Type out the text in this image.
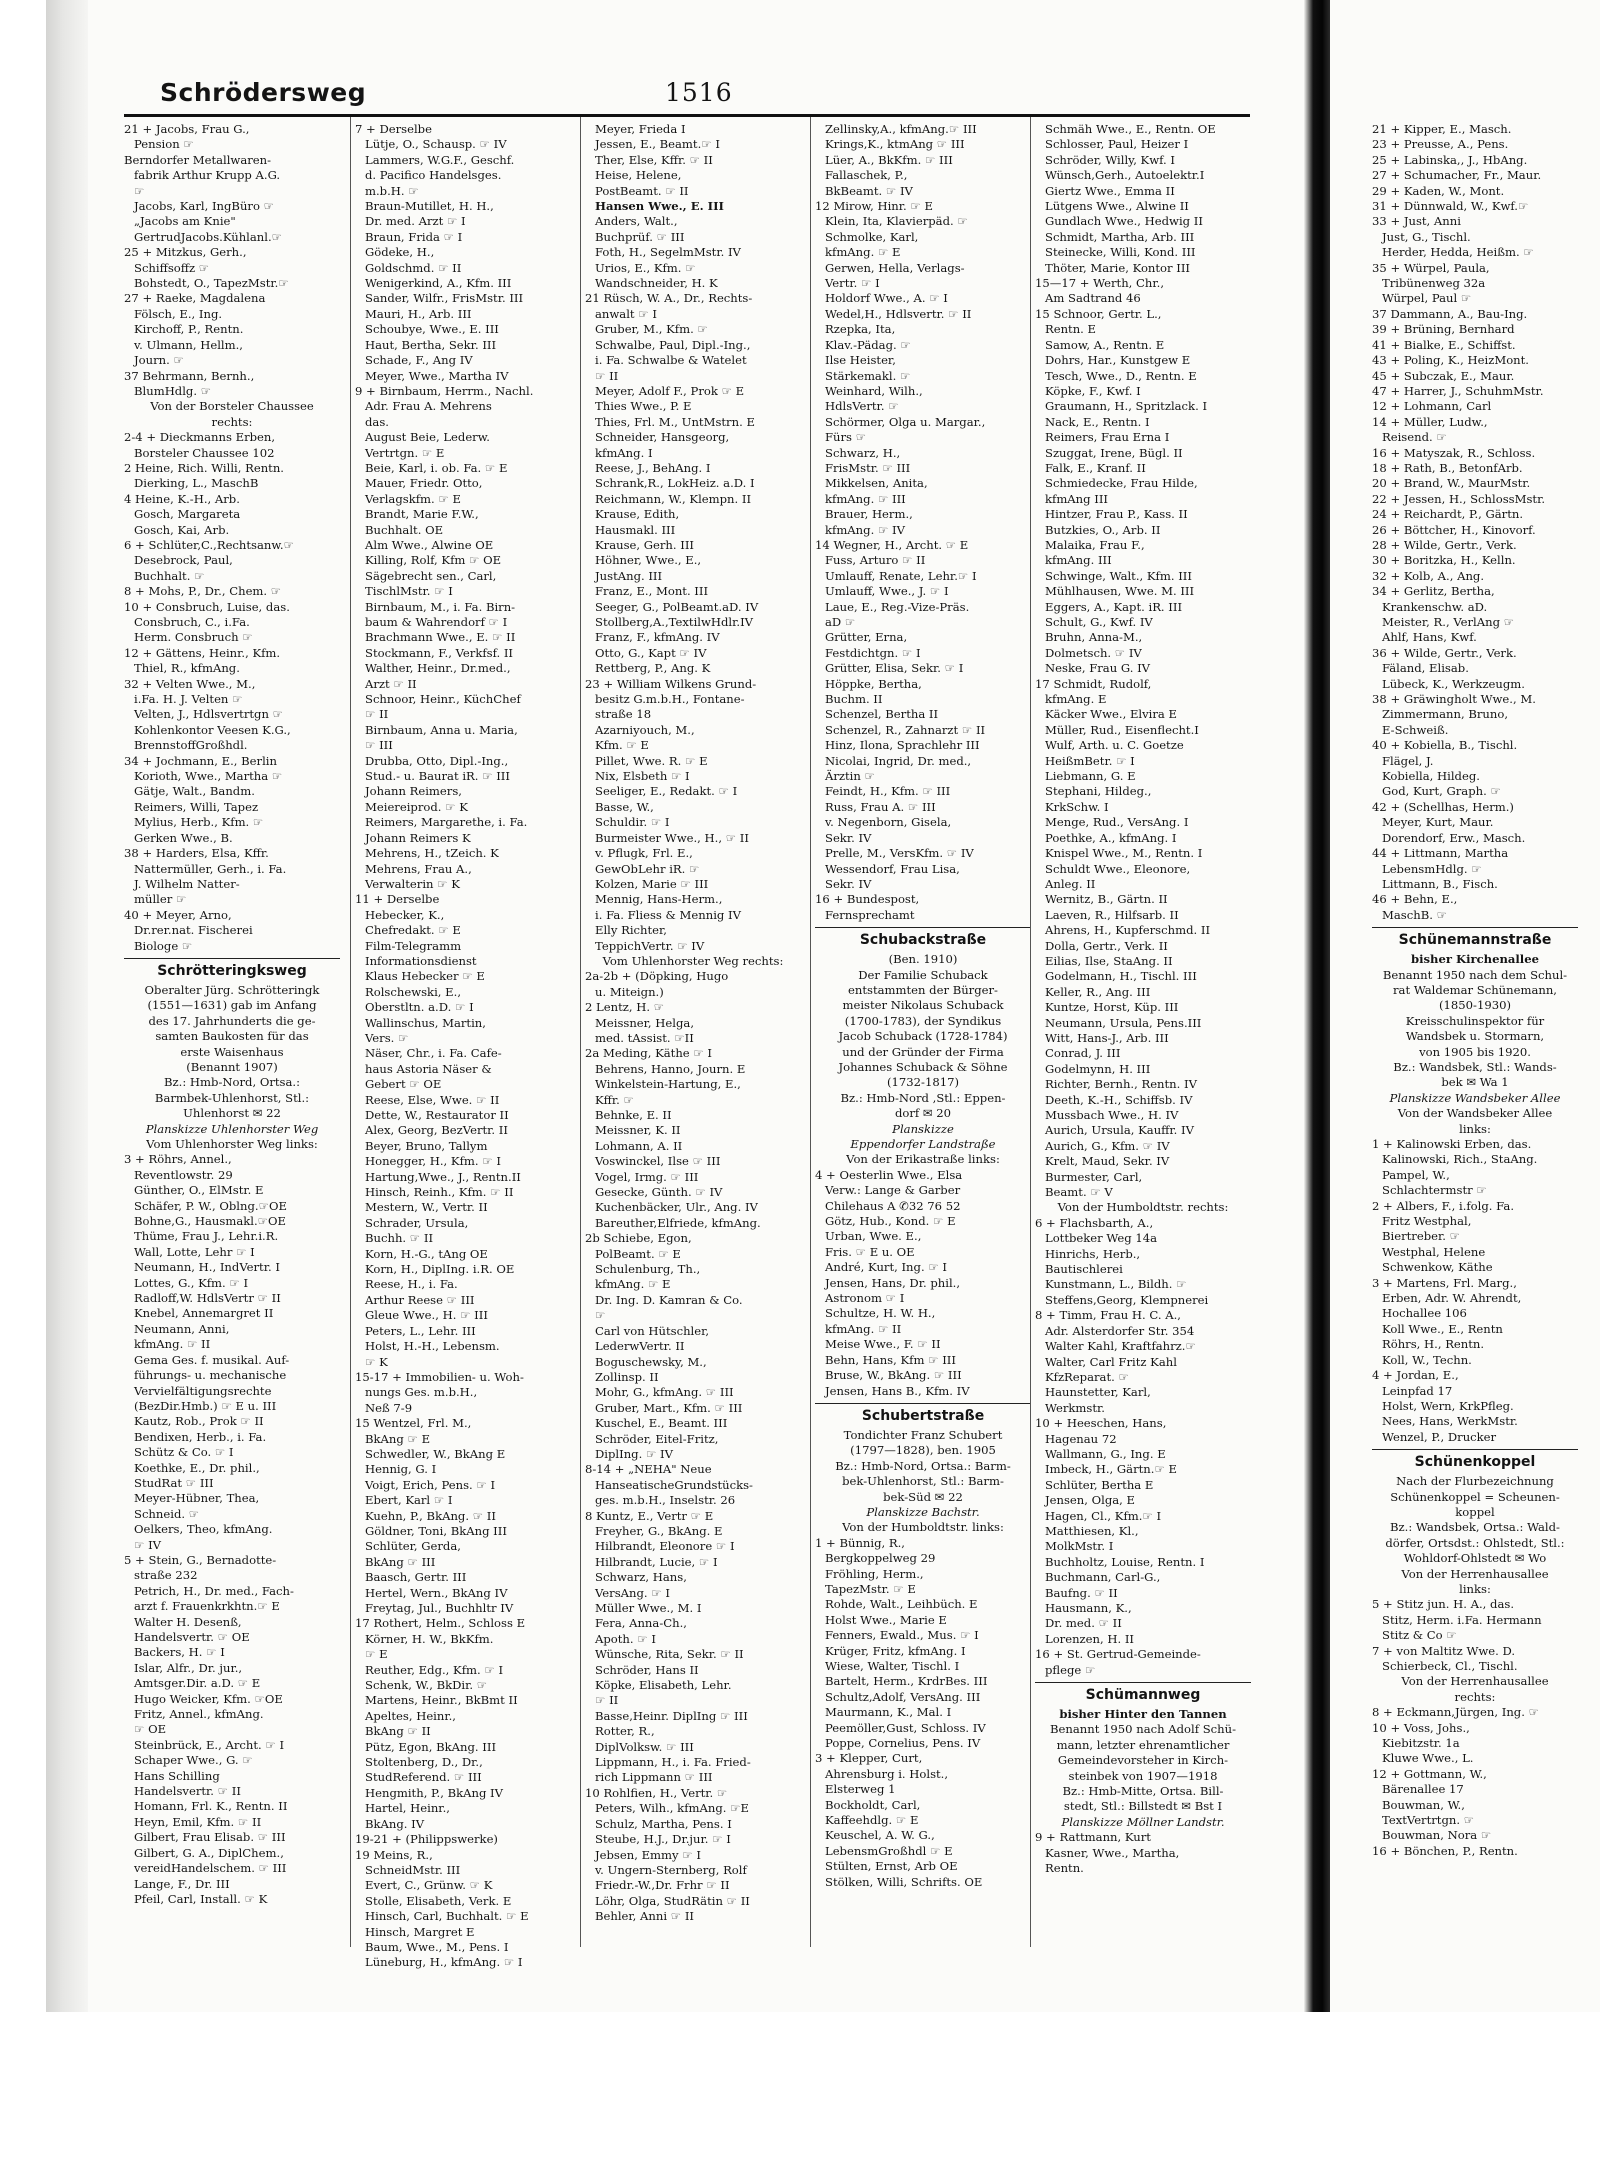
Schrödersweg	1516
21 + Jacobs, Frau G.,
Pension ☞
Berndorfer Metallwaren-
fabrik Arthur Krupp A.G.
☞
Jacobs, Karl, IngBüro ☞
„Jacobs am Knie"
GertrudJacobs.Kühlanl.☞
25 + Mitzkus, Gerh.,
Schiffsoffz ☞
Bohstedt, O., TapezMstr.☞
27 + Raeke, Magdalena
Fölsch, E., Ing.
Kirchoff, P., Rentn.
v. Ulmann, Hellm.,
Journ. ☞
37 Behrmann, Bernh.,
BlumHdlg. ☞
Von der Borsteler Chaussee
rechts:
2-4 + Dieckmanns Erben,
Borsteler Chaussee 102
2 Heine, Rich. Willi, Rentn.
Dierking, L., MaschB
4 Heine, K.-H., Arb.
Gosch, Margareta
Gosch, Kai, Arb.
6 + Schlüter,C.,Rechtsanw.☞
Desebrock, Paul,
Buchhalt. ☞
8 + Mohs, P., Dr., Chem. ☞
10 + Consbruch, Luise, das.
Consbruch, C., i.Fa.
Herm. Consbruch ☞
12 + Gättens, Heinr., Kfm.
Thiel, R., kfmAng.
32 + Velten Wwe., M.,
i.Fa. H. J. Velten ☞
Velten, J., Hdlsvertrtgn ☞
Kohlenkontor Veesen K.G.,
BrennstoffGroßhdl.
34 + Jochmann, E., Berlin
Korioth, Wwe., Martha ☞
Gätje, Walt., Bandm.
Reimers, Willi, Tapez
Mylius, Herb., Kfm. ☞
Gerken Wwe., B.
38 + Harders, Elsa, Kffr.
Nattermüller, Gerh., i. Fa.
J. Wilhelm Natter-
müller ☞
40 + Meyer, Arno,
Dr.rer.nat. Fischerei
Biologe ☞
Schrötteringksweg
Oberalter Jürg. Schrötteringk
(1551—1631) gab im Anfang
des 17. Jahrhunderts die ge-
samten Baukosten für das
erste Waisenhaus
(Benannt 1907)
Bz.: Hmb-Nord, Ortsa.:
Barmbek-Uhlenhorst, Stl.:
Uhlenhorst ✉ 22
Planskizze Uhlenhorster Weg
Vom Uhlenhorster Weg links:
3 + Röhrs, Annel.,
Reventlowstr. 29
Günther, O., ElMstr. E
Schäfer, P. W., Oblng.☞OE
Bohne,G., Hausmakl.☞OE
Thüme, Frau J., Lehr.i.R.
Wall, Lotte, Lehr ☞ I
Neumann, H., IndVertr. I
Lottes, G., Kfm. ☞ I
Radloff,W. HdlsVertr ☞ II
Knebel, Annemargret II
Neumann, Anni,
kfmAng. ☞ II
Gema Ges. f. musikal. Auf-
führungs- u. mechanische
Vervielfältigungsrechte
(BezDir.Hmb.) ☞ E u. III
Kautz, Rob., Prok ☞ II
Bendixen, Herb., i. Fa.
Schütz & Co. ☞ I
Koethke, E., Dr. phil.,
StudRat ☞ III
Meyer-Hübner, Thea,
Schneid. ☞
Oelkers, Theo, kfmAng.
☞ IV
5 + Stein, G., Bernadotte-
straße 232
Petrich, H., Dr. med., Fach-
arzt f. Frauenkrkhtn.☞ E
Walter H. Desenß,
Handelsvertr. ☞ OE
Backers, H. ☞ I
Islar, Alfr., Dr. jur.,
Amtsger.Dir. a.D. ☞ E
Hugo Weicker, Kfm. ☞OE
Fritz, Annel., kfmAng.
☞ OE
Steinbrück, E., Archt. ☞ I
Schaper Wwe., G. ☞
Hans Schilling
Handelsvertr. ☞ II
Homann, Frl. K., Rentn. II
Heyn, Emil, Kfm. ☞ II
Gilbert, Frau Elisab. ☞ III
Gilbert, G. A., DiplChem.,
vereidHandelschem. ☞ III
Lange, F., Dr. III
Pfeil, Carl, Install. ☞ K
7 + Derselbe
Lütje, O., Schausp. ☞ IV
Lammers, W.G.F., Geschf.
d. Pacifico Handelsges.
m.b.H. ☞
Braun-Mutillet, H. H.,
Dr. med. Arzt ☞ I
Braun, Frida ☞ I
Gödeke, H.,
Goldschmd. ☞ II
Wenigerkind, A., Kfm. III
Sander, Wilfr., FrisMstr. III
Mauri, H., Arb. III
Schoubye, Wwe., E. III
Haut, Bertha, Sekr. III
Schade, F., Ang IV
Meyer, Wwe., Martha IV
9 + Birnbaum, Herrm., Nachl.
Adr. Frau A. Mehrens
das.
August Beie, Lederw.
Vertrtgn. ☞ E
Beie, Karl, i. ob. Fa. ☞ E
Mauer, Friedr. Otto,
Verlagskfm. ☞ E
Brandt, Marie F.W.,
Buchhalt. OE
Alm Wwe., Alwine OE
Killing, Rolf, Kfm ☞ OE
Sägebrecht sen., Carl,
TischlMstr. ☞ I
Birnbaum, M., i. Fa. Birn-
baum & Wahrendorf ☞ I
Brachmann Wwe., E. ☞ II
Stockmann, F., Verkfsf. II
Walther, Heinr., Dr.med.,
Arzt ☞ II
Schnoor, Heinr., KüchChef
☞ II
Birnbaum, Anna u. Maria,
☞ III
Drubba, Otto, Dipl.-Ing.,
Stud.- u. Baurat iR. ☞ III
Johann Reimers,
Meiereiprod. ☞ K
Reimers, Margarethe, i. Fa.
Johann Reimers K
Mehrens, H., tZeich. K
Mehrens, Frau A.,
Verwalterin ☞ K
11 + Derselbe
Hebecker, K.,
Chefredakt. ☞ E
Film-Telegramm
Informationsdienst
Klaus Hebecker ☞ E
Rolschewski, E.,
Oberstltn. a.D. ☞ I
Wallinschus, Martin,
Vers. ☞
Näser, Chr., i. Fa. Cafe-
haus Astoria Näser &
Gebert ☞ OE
Reese, Else, Wwe. ☞ II
Dette, W., Restaurator II
Alex, Georg, BezVertr. II
Beyer, Bruno, Tallym
Honegger, H., Kfm. ☞ I
Hartung,Wwe., J., Rentn.II
Hinsch, Reinh., Kfm. ☞ II
Mestern, W., Vertr. II
Schrader, Ursula,
Buchh. ☞ II
Korn, H.-G., tAng OE
Korn, H., DiplIng. i.R. OE
Reese, H., i. Fa.
Arthur Reese ☞ III
Gleue Wwe., H. ☞ III
Peters, L., Lehr. III
Holst, H.-H., Lebensm.
☞ K
15-17 + Immobilien- u. Woh-
nungs Ges. m.b.H.,
Neß 7-9
15 Wentzel, Frl. M.,
BkAng ☞ E
Schwedler, W., BkAng E
Hennig, G. I
Voigt, Erich, Pens. ☞ I
Ebert, Karl ☞ I
Kuehn, P., BkAng. ☞ II
Göldner, Toni, BkAng III
Schlüter, Gerda,
BkAng ☞ III
Baasch, Gertr. III
Hertel, Wern., BkAng IV
Freytag, Jul., Buchhltr IV
17 Rothert, Helm., Schloss E
Körner, H. W., BkKfm.
☞ E
Reuther, Edg., Kfm. ☞ I
Schenk, W., BkDir. ☞
Martens, Heinr., BkBmt II
Apeltes, Heinr.,
BkAng ☞ II
Pütz, Egon, BkAng. III
Stoltenberg, D., Dr.,
StudReferend. ☞ III
Hengmith, P., BkAng IV
Hartel, Heinr.,
BkAng. IV
19-21 + (Philippswerke)
19 Meins, R.,
SchneidMstr. III
Evert, C., Grünw. ☞ K
Stolle, Elisabeth, Verk. E
Hinsch, Carl, Buchhalt. ☞ E
Hinsch, Margret E
Baum, Wwe., M., Pens. I
Lüneburg, H., kfmAng. ☞ I
Meyer, Frieda I
Jessen, E., Beamt.☞ I
Ther, Else, Kffr. ☞ II
Heise, Helene,
PostBeamt. ☞ II
Hansen Wwe., E. III
Anders, Walt.,
Buchprüf. ☞ III
Foth, H., SegelmMstr. IV
Urios, E., Kfm. ☞
Wandschneider, H. K
21 Rüsch, W. A., Dr., Rechts-
anwalt ☞ I
Gruber, M., Kfm. ☞
Schwalbe, Paul, Dipl.-Ing.,
i. Fa. Schwalbe & Watelet
☞ II
Meyer, Adolf F., Prok ☞ E
Thies Wwe., P. E
Thies, Frl. M., UntMstrn. E
Schneider, Hansgeorg,
kfmAng. I
Reese, J., BehAng. I
Schrank,R., LokHeiz. a.D. I
Reichmann, W., Klempn. II
Krause, Edith,
Hausmakl. III
Krause, Gerh. III
Höhner, Wwe., E.,
JustAng. III
Franz, E., Mont. III
Seeger, G., PolBeamt.aD. IV
Stollberg,A.,TextilwHdlr.IV
Franz, F., kfmAng. IV
Otto, G., Kapt ☞ IV
Rettberg, P., Ang. K
23 + William Wilkens Grund-
besitz G.m.b.H., Fontane-
straße 18
Azarniyouch, M.,
Kfm. ☞ E
Pillet, Wwe. R. ☞ E
Nix, Elsbeth ☞ I
Seeliger, E., Redakt. ☞ I
Basse, W.,
Schuldir. ☞ I
Burmeister Wwe., H., ☞ II
v. Pflugk, Frl. E.,
GewObLehr iR. ☞
Kolzen, Marie ☞ III
Mennig, Hans-Herm.,
i. Fa. Fliess & Mennig IV
Elly Richter,
TeppichVertr. ☞ IV
Vom Uhlenhorster Weg rechts:
2a-2b + (Döpking, Hugo
u. Miteign.)
2 Lentz, H. ☞
Meissner, Helga,
med. tAssist. ☞II
2a Meding, Käthe ☞ I
Behrens, Hanno, Journ. E
Winkelstein-Hartung, E.,
Kffr. ☞
Behnke, E. II
Meissner, K. II
Lohmann, A. II
Voswinckel, Ilse ☞ III
Vogel, Irmg. ☞ III
Gesecke, Günth. ☞ IV
Kuchenbäcker, Ulr., Ang. IV
Bareuther,Elfriede, kfmAng.
2b Schiebe, Egon,
PolBeamt. ☞ E
Schulenburg, Th.,
kfmAng. ☞ E
Dr. Ing. D. Kamran & Co.
☞
Carl von Hütschler,
LederwVertr. II
Boguschewsky, M.,
Zollinsp. II
Mohr, G., kfmAng. ☞ III
Gruber, Mart., Kfm. ☞ III
Kuschel, E., Beamt. III
Schröder, Eitel-Fritz,
DiplIng. ☞ IV
8-14 + „NEHA" Neue
HanseatischeGrundstücks-
ges. m.b.H., Inselstr. 26
8 Kuntz, E., Vertr ☞ E
Freyher, G., BkAng. E
Hilbrandt, Eleonore ☞ I
Hilbrandt, Lucie, ☞ I
Schwarz, Hans,
VersAng. ☞ I
Müller Wwe., M. I
Fera, Anna-Ch.,
Apoth. ☞ I
Wünsche, Rita, Sekr. ☞ II
Schröder, Hans II
Köpke, Elisabeth, Lehr.
☞ II
Basse,Heinr. DiplIng ☞ III
Rotter, R.,
DiplVolksw. ☞ III
Lippmann, H., i. Fa. Fried-
rich Lippmann ☞ III
10 Rohlfien, H., Vertr. ☞
Peters, Wilh., kfmAng. ☞E
Schulz, Martha, Pens. I
Steube, H.J., Dr.jur. ☞ I
Jebsen, Emmy ☞ I
v. Ungern-Sternberg, Rolf
Friedr.-W.,Dr. Frhr ☞ II
Löhr, Olga, StudRätin ☞ II
Behler, Anni ☞ II
Zellinsky,A., kfmAng.☞ III
Krings,K., ktmAng ☞ III
Lüer, A., BkKfm. ☞ III
Fallaschek, P.,
BkBeamt. ☞ IV
12 Mirow, Hinr. ☞ E
Klein, Ita, Klavierpäd. ☞
Schmolke, Karl,
kfmAng. ☞ E
Gerwen, Hella, Verlags-
Vertr. ☞ I
Holdorf Wwe., A. ☞ I
Wedel,H., Hdlsvertr. ☞ II
Rzepka, Ita,
Klav.-Pädag. ☞
Ilse Heister,
Stärkemakl. ☞
Weinhard, Wilh.,
HdlsVertr. ☞
Schörmer, Olga u. Margar.,
Fürs ☞
Schwarz, H.,
FrisMstr. ☞ III
Mikkelsen, Anita,
kfmAng. ☞ III
Brauer, Herm.,
kfmAng. ☞ IV
14 Wegner, H., Archt. ☞ E
Fuss, Arturo ☞ II
Umlauff, Renate, Lehr.☞ I
Umlauff, Wwe., J. ☞ I
Laue, E., Reg.-Vize-Präs.
aD ☞
Grütter, Erna,
Festdichtgn. ☞ I
Grütter, Elisa, Sekr. ☞ I
Höppke, Bertha,
Buchm. II
Schenzel, Bertha II
Schenzel, R., Zahnarzt ☞ II
Hinz, Ilona, Sprachlehr III
Nicolai, Ingrid, Dr. med.,
Ärztin ☞
Feindt, H., Kfm. ☞ III
Russ, Frau A. ☞ III
v. Negenborn, Gisela,
Sekr. IV
Prelle, M., VersKfm. ☞ IV
Wessendorf, Frau Lisa,
Sekr. IV
16 + Bundespost,
Fernsprechamt
Schubackstraße
(Ben. 1910)
Der Familie Schuback
entstammten der Bürger-
meister Nikolaus Schuback
(1700-1783), der Syndikus
Jacob Schuback (1728-1784)
und der Gründer der Firma
Johannes Schuback & Söhne
(1732-1817)
Bz.: Hmb-Nord ,Stl.: Eppen-
dorf ✉ 20
Planskizze
Eppendorfer Landstraße
Von der Erikastraße links:
4 + Oesterlin Wwe., Elsa
Verw.: Lange & Garber
Chilehaus A ✆32 76 52
Götz, Hub., Kond. ☞ E
Urban, Wwe. E.,
Fris. ☞ E u. OE
André, Kurt, Ing. ☞ I
Jensen, Hans, Dr. phil.,
Astronom ☞ I
Schultze, H. W. H.,
kfmAng. ☞ II
Meise Wwe., F. ☞ II
Behn, Hans, Kfm ☞ III
Bruse, W., BkAng. ☞ III
Jensen, Hans B., Kfm. IV
Schubertstraße
Tondichter Franz Schubert
(1797—1828), ben. 1905
Bz.: Hmb-Nord, Ortsa.: Barm-
bek-Uhlenhorst, Stl.: Barm-
bek-Süd ✉ 22
Planskizze Bachstr.
Von der Humboldtstr. links:
1 + Bünnig, R.,
Bergkoppelweg 29
Fröhling, Herm.,
TapezMstr. ☞ E
Rohde, Walt., Leihbüch. E
Holst Wwe., Marie E
Fenners, Ewald., Mus. ☞ I
Krüger, Fritz, kfmAng. I
Wiese, Walter, Tischl. I
Bartelt, Herm., KrdrBes. III
Schultz,Adolf, VersAng. III
Maurmann, K., Mal. I
Peemöller,Gust, Schloss. IV
Poppe, Cornelius, Pens. IV
3 + Klepper, Curt,
Ahrensburg i. Holst.,
Elsterweg 1
Bockholdt, Carl,
Kaffeehdlg. ☞ E
Keuschel, A. W. G.,
LebensmGroßhdl ☞ E
Stülten, Ernst, Arb OE
Stölken, Willi, Schrifts. OE
Schmäh Wwe., E., Rentn. OE
Schlosser, Paul, Heizer I
Schröder, Willy, Kwf. I
Wünsch,Gerh., Autoelektr.I
Giertz Wwe., Emma II
Lütgens Wwe., Alwine II
Gundlach Wwe., Hedwig II
Schmidt, Martha, Arb. III
Steinecke, Willi, Kond. III
Thöter, Marie, Kontor III
15—17 + Werth, Chr.,
Am Sadtrand 46
15 Schnoor, Gertr. L.,
Rentn. E
Samow, A., Rentn. E
Dohrs, Har., Kunstgew E
Tesch, Wwe., D., Rentn. E
Köpke, F., Kwf. I
Graumann, H., Spritzlack. I
Nack, E., Rentn. I
Reimers, Frau Erna I
Szuggat, Irene, Bügl. II
Falk, E., Kranf. II
Schmiedecke, Frau Hilde,
kfmAng III
Hintzer, Frau P., Kass. II
Butzkies, O., Arb. II
Malaika, Frau F.,
kfmAng. III
Schwinge, Walt., Kfm. III
Mühlhausen, Wwe. M. III
Eggers, A., Kapt. iR. III
Schult, G., Kwf. IV
Bruhn, Anna-M.,
Dolmetsch. ☞ IV
Neske, Frau G. IV
17 Schmidt, Rudolf,
kfmAng. E
Käcker Wwe., Elvira E
Müller, Rud., Eisenflecht.I
Wulf, Arth. u. C. Goetze
HeißmBetr. ☞ I
Liebmann, G. E
Stephani, Hildeg.,
KrkSchw. I
Menge, Rud., VersAng. I
Poethke, A., kfmAng. I
Knispel Wwe., M., Rentn. I
Schuldt Wwe., Eleonore,
Anleg. II
Wernitz, B., Gärtn. II
Laeven, R., Hilfsarb. II
Ahrens, H., Kupferschmd. II
Dolla, Gertr., Verk. II
Eilias, Ilse, StaAng. II
Godelmann, H., Tischl. III
Keller, R., Ang. III
Kuntze, Horst, Küp. III
Neumann, Ursula, Pens.III
Witt, Hans-J., Arb. III
Conrad, J. III
Godelmynn, H. III
Richter, Bernh., Rentn. IV
Deeth, K.-H., Schiffsb. IV
Mussbach Wwe., H. IV
Aurich, Ursula, Kauffr. IV
Aurich, G., Kfm. ☞ IV
Krelt, Maud, Sekr. IV
Burmester, Carl,
Beamt. ☞ V
Von der Humboldtstr. rechts:
6 + Flachsbarth, A.,
Lottbeker Weg 14a
Hinrichs, Herb.,
Bautischlerei
Kunstmann, L., Bildh. ☞
Steffens,Georg, Klempnerei
8 + Timm, Frau H. C. A.,
Adr. Alsterdorfer Str. 354
Walter Kahl, Kraftfahrz.☞
Walter, Carl Fritz Kahl
KfzReparat. ☞
Haunstetter, Karl,
Werkmstr.
10 + Heeschen, Hans,
Hagenau 72
Wallmann, G., Ing. E
Imbeck, H., Gärtn.☞ E
Schlüter, Bertha E
Jensen, Olga, E
Hagen, Cl., Kfm.☞ I
Matthiesen, Kl.,
MolkMstr. I
Buchholtz, Louise, Rentn. I
Buchmann, Carl-G.,
Baufng. ☞ II
Hausmann, K.,
Dr. med. ☞ II
Lorenzen, H. II
16 + St. Gertrud-Gemeinde-
pflege ☞
Schümannweg
bisher Hinter den Tannen
Benannt 1950 nach Adolf Schü-
mann, letzter ehrenamtlicher
Gemeindevorsteher in Kirch-
steinbek von 1907—1918
Bz.: Hmb-Mitte, Ortsa. Bill-
stedt, Stl.: Billstedt ✉ Bst I
Planskizze Möllner Landstr.
9 + Rattmann, Kurt
Kasner, Wwe., Martha,
Rentn.
21 + Kipper, E., Masch.
23 + Preusse, A., Pens.
25 + Labinska,, J., HbAng.
27 + Schumacher, Fr., Maur.
29 + Kaden, W., Mont.
31 + Dünnwald, W., Kwf.☞
33 + Just, Anni
Just, G., Tischl.
Herder, Hedda, Heißm. ☞
35 + Würpel, Paula,
Tribünenweg 32a
Würpel, Paul ☞
37 Dammann, A., Bau-Ing.
39 + Brüning, Bernhard
41 + Bialke, E., Schiffst.
43 + Poling, K., HeizMont.
45 + Subczak, E., Maur.
47 + Harrer, J., SchuhmMstr.
12 + Lohmann, Carl
14 + Müller, Ludw.,
Reisend. ☞
16 + Matyszak, R., Schloss.
18 + Rath, B., BetonfArb.
20 + Brand, W., MaurMstr.
22 + Jessen, H., SchlossMstr.
24 + Reichardt, P., Gärtn.
26 + Böttcher, H., Kinovorf.
28 + Wilde, Gertr., Verk.
30 + Boritzka, H., Kelln.
32 + Kolb, A., Ang.
34 + Gerlitz, Bertha,
Krankenschw. aD.
Meister, R., VerlAng ☞
Ahlf, Hans, Kwf.
36 + Wilde, Gertr., Verk.
Fäland, Elisab.
Lübeck, K., Werkzeugm.
38 + Gräwingholt Wwe., M.
Zimmermann, Bruno,
E-Schweiß.
40 + Kobiella, B., Tischl.
Flägel, J.
Kobiella, Hildeg.
God, Kurt, Graph. ☞
42 + (Schellhas, Herm.)
Meyer, Kurt, Maur.
Dorendorf, Erw., Masch.
44 + Littmann, Martha
LebensmHdlg. ☞
Littmann, B., Fisch.
46 + Behn, E.,
MaschB. ☞
Schünemannstraße
bisher Kirchenallee
Benannt 1950 nach dem Schul-
rat Waldemar Schünemann,
(1850-1930)
Kreisschulinspektor für
Wandsbek u. Stormarn,
von 1905 bis 1920.
Bz.: Wandsbek, Stl.: Wands-
bek ✉ Wa 1
Planskizze Wandsbeker Allee
Von der Wandsbeker Allee
links:
1 + Kalinowski Erben, das.
Kalinowski, Rich., StaAng.
Pampel, W.,
Schlachtermstr ☞
2 + Albers, F., i.folg. Fa.
Fritz Westphal,
Biertreber. ☞
Westphal, Helene
Schwenkow, Käthe
3 + Martens, Frl. Marg.,
Erben, Adr. W. Ahrendt,
Hochallee 106
Koll Wwe., E., Rentn
Röhrs, H., Rentn.
Koll, W., Techn.
4 + Jordan, E.,
Leinpfad 17
Holst, Wern, KrkPfleg.
Nees, Hans, WerkMstr.
Wenzel, P., Drucker
Schünenkoppel
Nach der Flurbezeichnung
Schünenkoppel = Scheunen-
koppel
Bz.: Wandsbek, Ortsa.: Wald-
dörfer, Ortsdst.: Ohlstedt, Stl.:
Wohldorf-Ohlstedt ✉ Wo
Von der Herrenhausallee
links:
5 + Stitz jun. H. A., das.
Stitz, Herm. i.Fa. Hermann
Stitz & Co ☞
7 + von Maltitz Wwe. D.
Schierbeck, Cl., Tischl.
Von der Herrenhausallee
rechts:
8 + Eckmann,Jürgen, Ing. ☞
10 + Voss, Johs.,
Kiebitzstr. 1a
Kluwe Wwe., L.
12 + Gottmann, W.,
Bärenallee 17
Bouwman, W.,
TextVertrtgn. ☞
Bouwman, Nora ☞
16 + Bönchen, P., Rentn.
